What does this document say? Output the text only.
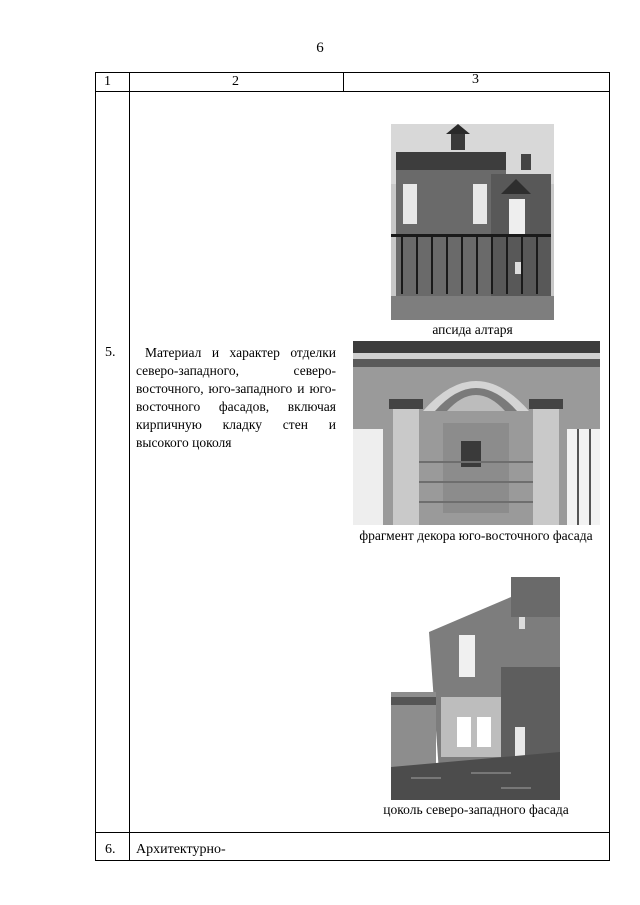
6
1	2	3
5.	Материал и характер отделки северо-западного, северо-восточного, юго-западного и юго-восточного фасадов, включая кирпичную кладку стен и высокого цоколя

апсида алтаря
фрагмент декора юго-восточного фасада
цоколь северо-западного фасада
6. Архитектурно-
